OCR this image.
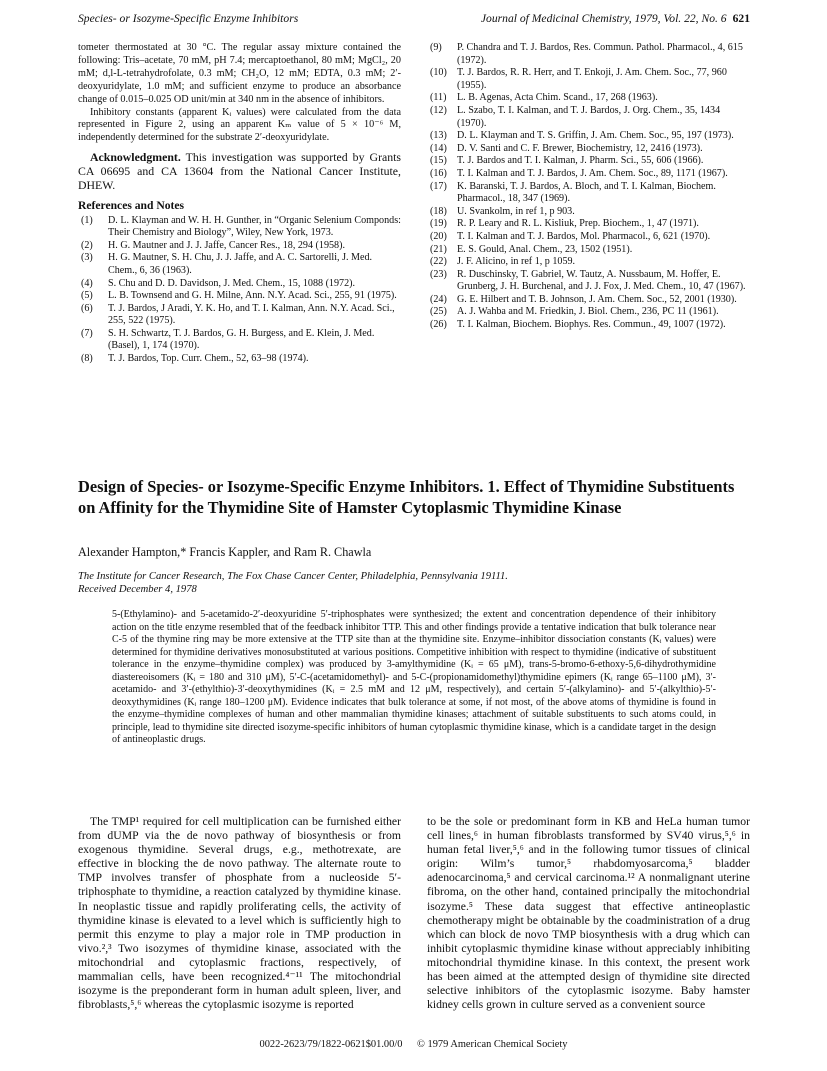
Species- or Isozyme-Specific Enzyme Inhibitors	Journal of Medicinal Chemistry, 1979, Vol. 22, No. 6 621

tometer thermostated at 30 °C. The regular assay mixture contained the following: Tris–acetate, 70 mM, pH 7.4; mercaptoethanol, 80 mM; MgCl₂, 20 mM; d,l-L-tetrahydrofolate, 0.3 mM; CH₂O, 12 mM; EDTA, 0.3 mM; 2′-deoxyuridylate, 1.0 mM; and sufficient enzyme to produce an absorbance change of 0.015–0.025 OD unit/min at 340 nm in the absence of inhibitors.

Inhibitory constants (apparent Kᵢ values) were calculated from the data represented in Figure 2, using an apparent Kₘ value of 5 × 10⁻⁶ M, independently determined for the substrate 2′-deoxyuridylate.

Acknowledgment. This investigation was supported by Grants CA 06695 and CA 13604 from the National Cancer Institute, DHEW.

References and Notes
(1) D. L. Klayman and W. H. H. Gunther, in “Organic Selenium Componds: Their Chemistry and Biology”, Wiley, New York, 1973.
(2) H. G. Mautner and J. J. Jaffe, Cancer Res., 18, 294 (1958).
(3) H. G. Mautner, S. H. Chu, J. J. Jaffe, and A. C. Sartorelli, J. Med. Chem., 6, 36 (1963).
(4) S. Chu and D. D. Davidson, J. Med. Chem., 15, 1088 (1972).
(5) L. B. Townsend and G. H. Milne, Ann. N.Y. Acad. Sci., 255, 91 (1975).
(6) T. J. Bardos, J Aradi, Y. K. Ho, and T. I. Kalman, Ann. N.Y. Acad. Sci., 255, 522 (1975).
(7) S. H. Schwartz, T. J. Bardos, G. H. Burgess, and E. Klein, J. Med. (Basel), 1, 174 (1970).
(8) T. J. Bardos, Top. Curr. Chem., 52, 63–98 (1974).
(9) P. Chandra and T. J. Bardos, Res. Commun. Pathol. Pharmacol., 4, 615 (1972).
(10) T. J. Bardos, R. R. Herr, and T. Enkoji, J. Am. Chem. Soc., 77, 960 (1955).
(11) L. B. Agenas, Acta Chim. Scand., 17, 268 (1963).
(12) L. Szabo, T. I. Kalman, and T. J. Bardos, J. Org. Chem., 35, 1434 (1970).
(13) D. L. Klayman and T. S. Griffin, J. Am. Chem. Soc., 95, 197 (1973).
(14) D. V. Santi and C. F. Brewer, Biochemistry, 12, 2416 (1973).
(15) T. J. Bardos and T. I. Kalman, J. Pharm. Sci., 55, 606 (1966).
(16) T. I. Kalman and T. J. Bardos, J. Am. Chem. Soc., 89, 1171 (1967).
(17) K. Baranski, T. J. Bardos, A. Bloch, and T. I. Kalman, Biochem. Pharmacol., 18, 347 (1969).
(18) U. Svankolm, in ref 1, p 903.
(19) R. P. Leary and R. L. Kisliuk, Prep. Biochem., 1, 47 (1971).
(20) T. I. Kalman and T. J. Bardos, Mol. Pharmacol., 6, 621 (1970).
(21) E. S. Gould, Anal. Chem., 23, 1502 (1951).
(22) J. F. Alicino, in ref 1, p 1059.
(23) R. Duschinsky, T. Gabriel, W. Tautz, A. Nussbaum, M. Hoffer, E. Grunberg, J. H. Burchenal, and J. J. Fox, J. Med. Chem., 10, 47 (1967).
(24) G. E. Hilbert and T. B. Johnson, J. Am. Chem. Soc., 52, 2001 (1930).
(25) A. J. Wahba and M. Friedkin, J. Biol. Chem., 236, PC 11 (1961).
(26) T. I. Kalman, Biochem. Biophys. Res. Commun., 49, 1007 (1972).
Design of Species- or Isozyme-Specific Enzyme Inhibitors. 1. Effect of Thymidine Substituents on Affinity for the Thymidine Site of Hamster Cytoplasmic Thymidine Kinase
Alexander Hampton,* Francis Kappler, and Ram R. Chawla
The Institute for Cancer Research, The Fox Chase Cancer Center, Philadelphia, Pennsylvania 19111.
Received December 4, 1978

5-(Ethylamino)- and 5-acetamido-2′-deoxyuridine 5′-triphosphates were synthesized; the extent and concentration dependence of their inhibitory action on the title enzyme resembled that of the feedback inhibitor TTP. This and other findings provide a tentative indication that bulk tolerance near C-5 of the thymine ring may be more extensive at the TTP site than at the thymidine site. Enzyme–inhibitor dissociation constants (Kᵢ values) were determined for thymidine derivatives monosubstituted at various positions. Competitive inhibition with respect to thymidine (indicative of substituent tolerance in the enzyme–thymidine complex) was produced by 3-amylthymidine (Kᵢ = 65 μM), trans-5-bromo-6-ethoxy-5,6-dihydrothymidine diastereoisomers (Kᵢ = 180 and 310 μM), 5′-C-(acetamidomethyl)- and 5-C-(propionamidomethyl)thymidine epimers (Kᵢ range 65–1100 μM), 3′-acetamido- and 3′-(ethylthio)-3′-deoxythymidines (Kᵢ = 2.5 mM and 12 μM, respectively), and certain 5′-(alkylamino)- and 5′-(alkylthio)-5′-deoxythymidines (Kᵢ range 180–1200 μM). Evidence indicates that bulk tolerance at some, if not most, of the above atoms of thymidine is found in the enzyme–thymidine complexes of human and other mammalian thymidine kinases; attachment of suitable substituents to such atoms could, in principle, lead to thymidine site directed isozyme-specific inhibitors of human cytoplasmic thymidine kinase, which is a candidate target in the design of antineoplastic drugs.

The TMP¹ required for cell multiplication can be furnished either from dUMP via the de novo pathway of biosynthesis or from exogenous thymidine. Several drugs, e.g., methotrexate, are effective in blocking the de novo pathway. The alternate route to TMP involves transfer of phosphate from a nucleoside 5′-triphosphate to thymidine, a reaction catalyzed by thymidine kinase. In neoplastic tissue and rapidly proliferating cells, the activity of thymidine kinase is elevated to a level which is sufficiently high to permit this enzyme to play a major role in TMP production in vivo.²,³ Two isozymes of thymidine kinase, associated with the mitochondrial and cytoplasmic fractions, respectively, of mammalian cells, have been recognized.⁴⁻¹¹ The mitochondrial isozyme is the preponderant form in human adult spleen, liver, and fibroblasts,⁵,⁶ whereas the cytoplasmic isozyme is reported

to be the sole or predominant form in KB and HeLa human tumor cell lines,⁶ in human fibroblasts transformed by SV40 virus,⁵,⁶ in human fetal liver,⁵,⁶ and in the following tumor tissues of clinical origin: Wilm’s tumor,⁵ rhabdomyosarcoma,⁵ bladder adenocarcinoma,⁵ and cervical carcinoma.¹² A nonmalignant uterine fibroma, on the other hand, contained principally the mitochondrial isozyme.⁵ These data suggest that effective antineoplastic chemotherapy might be obtainable by the coadministration of a drug which can block de novo TMP biosynthesis with a drug which can inhibit cytoplasmic thymidine kinase without appreciably inhibiting mitochondrial thymidine kinase. In this context, the present work has been aimed at the attempted design of thymidine site directed selective inhibitors of the cytoplasmic isozyme. Baby hamster kidney cells grown in culture served as a convenient source

0022-2623/79/1822-0621$01.00/0 © 1979 American Chemical Society
